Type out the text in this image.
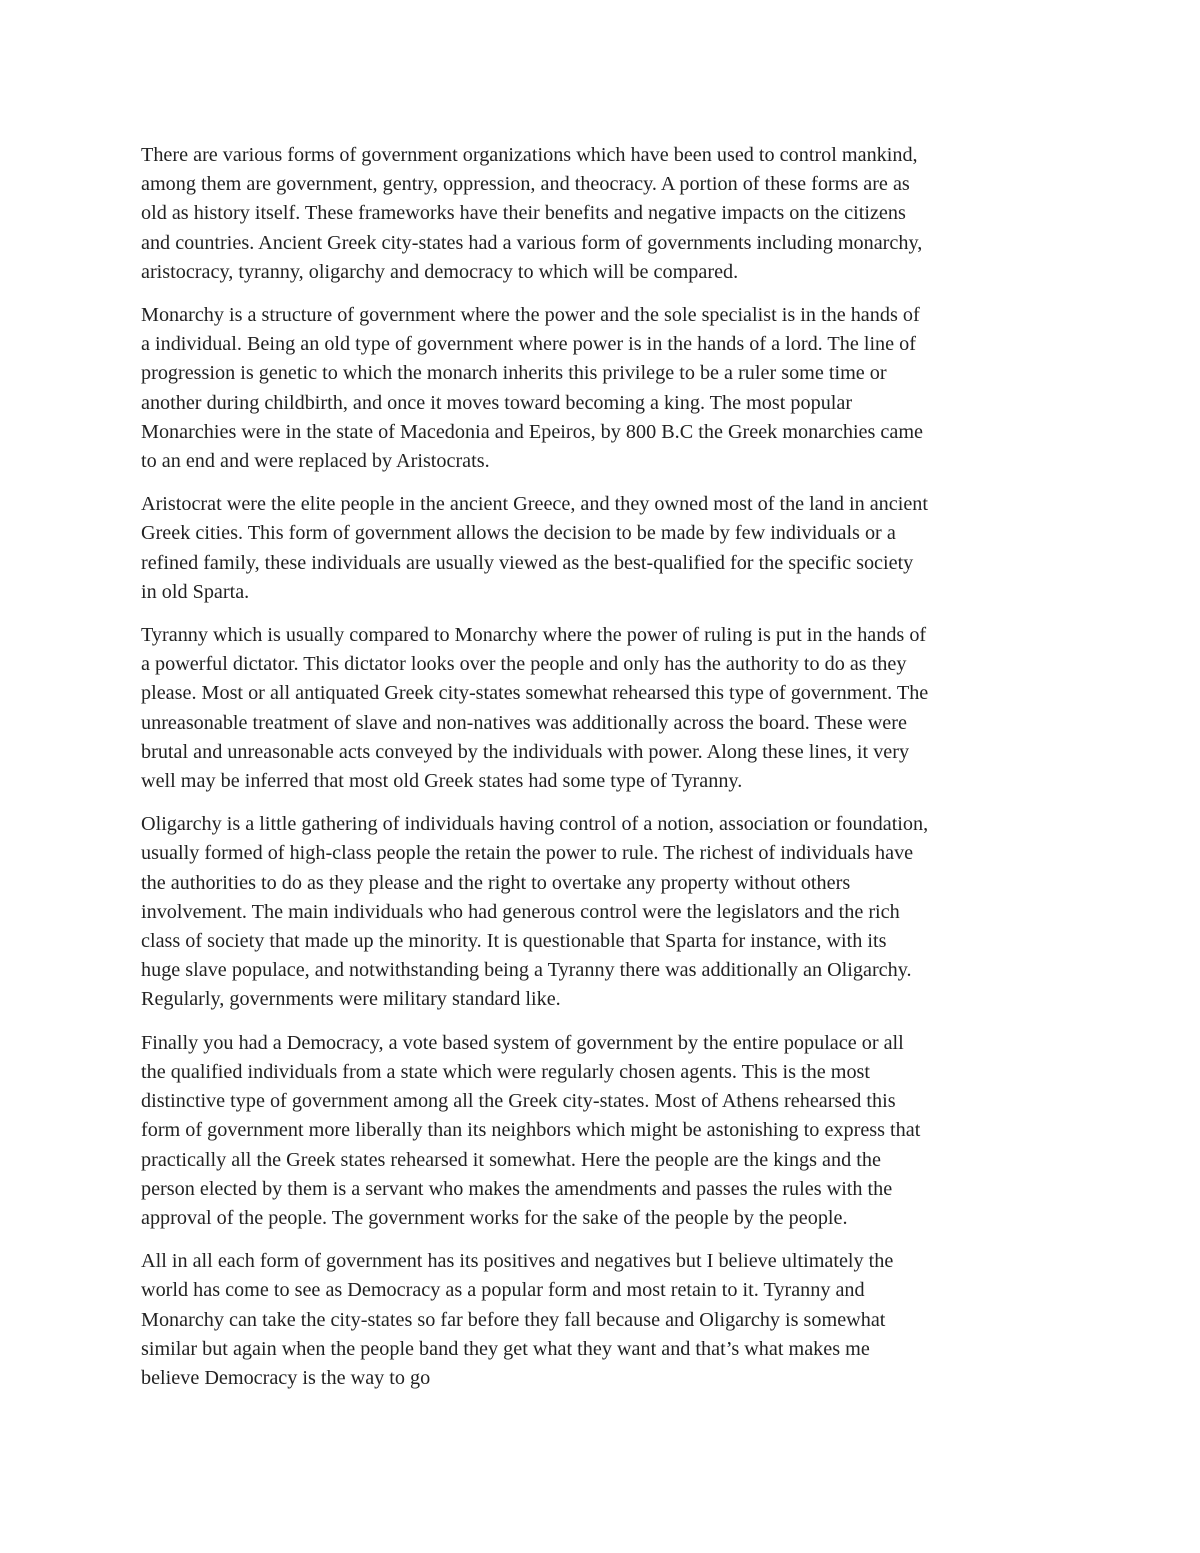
There are various forms of government organizations which have been used to control mankind,
among them are government, gentry, oppression, and theocracy. A portion of these forms are as
old as history itself. These frameworks have their benefits and negative impacts on the citizens
and countries. Ancient Greek city-states had a various form of governments including monarchy,
aristocracy, tyranny, oligarchy and democracy to which will be compared.

Monarchy is a structure of government where the power and the sole specialist is in the hands of
a individual. Being an old type of government where power is in the hands of a lord. The line of
progression is genetic to which the monarch inherits this privilege to be a ruler some time or
another during childbirth, and once it moves toward becoming a king. The most popular
Monarchies were in the state of Macedonia and Epeiros, by 800 B.C the Greek monarchies came
to an end and were replaced by Aristocrats.

Aristocrat were the elite people in the ancient Greece, and they owned most of the land in ancient
Greek cities. This form of government allows the decision to be made by few individuals or a
refined family, these individuals are usually viewed as the best-qualified for the specific society
in old Sparta.

Tyranny which is usually compared to Monarchy where the power of ruling is put in the hands of
a powerful dictator. This dictator looks over the people and only has the authority to do as they
please. Most or all antiquated Greek city-states somewhat rehearsed this type of government. The
unreasonable treatment of slave and non-natives was additionally across the board. These were
brutal and unreasonable acts conveyed by the individuals with power. Along these lines, it very
well may be inferred that most old Greek states had some type of Tyranny.

Oligarchy is a little gathering of individuals having control of a notion, association or foundation,
usually formed of high-class people the retain the power to rule. The richest of individuals have
the authorities to do as they please and the right to overtake any property without others
involvement. The main individuals who had generous control were the legislators and the rich
class of society that made up the minority. It is questionable that Sparta for instance, with its
huge slave populace, and notwithstanding being a Tyranny there was additionally an Oligarchy.
Regularly, governments were military standard like.

Finally you had a Democracy, a vote based system of government by the entire populace or all
the qualified individuals from a state which were regularly chosen agents. This is the most
distinctive type of government among all the Greek city-states. Most of Athens rehearsed this
form of government more liberally than its neighbors which might be astonishing to express that
practically all the Greek states rehearsed it somewhat. Here the people are the kings and the
person elected by them is a servant who makes the amendments and passes the rules with the
approval of the people. The government works for the sake of the people by the people.

All in all each form of government has its positives and negatives but I believe ultimately the
world has come to see as Democracy as a popular form and most retain to it. Tyranny and
Monarchy can take the city-states so far before they fall because and Oligarchy is somewhat
similar but again when the people band they get what they want and that’s what makes me
believe Democracy is the way to go
